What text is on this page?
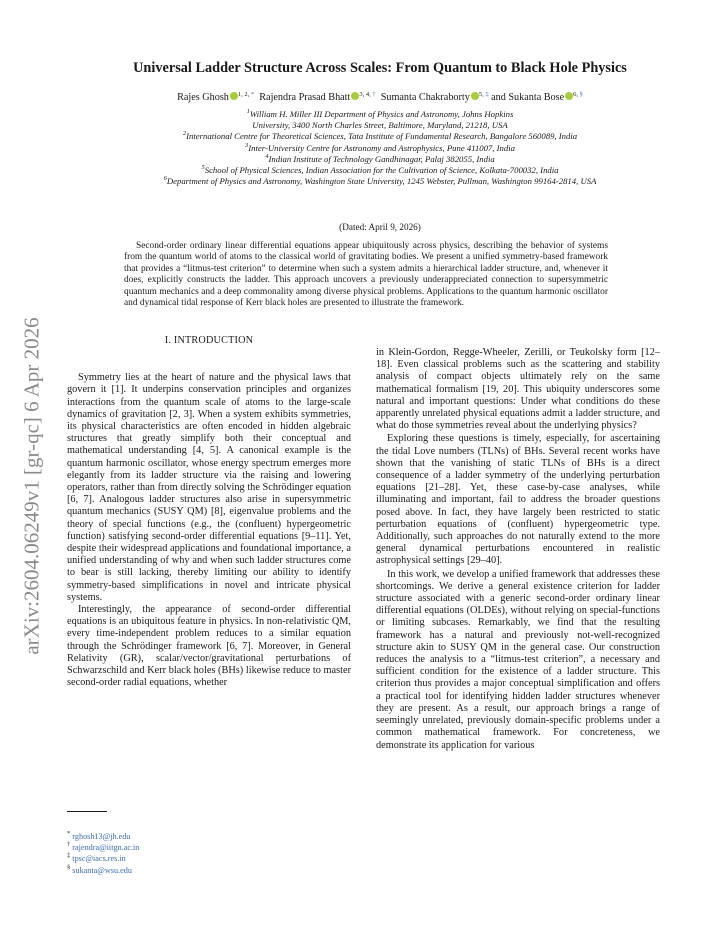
arXiv:2604.06249v1 [gr-qc] 6 Apr 2026
Universal Ladder Structure Across Scales: From Quantum to Black Hole Physics
Rajes Ghosh $^{1, 2, *}$ Rajendra Prasad Bhatt $^{3, 4, \dagger}$ Sumanta Chakraborty $^{5, \ddagger}$ and Sukanta Bose $^{6, \S}$
$^1$William H. Miller III Department of Physics and Astronomy, Johns Hopkins
University, 3400 North Charles Street, Baltimore, Maryland, 21218, USA
$^2$International Centre for Theoretical Sciences, Tata Institute of Fundamental Research, Bangalore 560089, India
$^3$Inter-University Centre for Astronomy and Astrophysics, Pune 411007, India
$^4$Indian Institute of Technology Gandhinagar, Palaj 382055, India
$^5$School of Physical Sciences, Indian Association for the Cultivation of Science, Kolkata-700032, India
$^6$Department of Physics and Astronomy, Washington State University, 1245 Webster, Pullman, Washington 99164-2814, USA
(Dated: April 9, 2026)

Second-order ordinary linear differential equations appear ubiquitously across physics, describing the behavior of systems from the quantum world of atoms to the classical world of gravitating bodies. We present a unified symmetry-based framework that provides a “litmus-test criterion” to determine when such a system admits a hierarchical ladder structure, and, whenever it does, explicitly constructs the ladder. This approach uncovers a previously underappreciated connection to supersymmetric quantum mechanics and a deep commonality among diverse physical problems. Applications to the quantum harmonic oscillator and dynamical tidal response of Kerr black holes are presented to illustrate the framework.

I. INTRODUCTION

Symmetry lies at the heart of nature and the physical laws that govern it [1]. It underpins conservation principles and organizes interactions from the quantum scale of atoms to the large-scale dynamics of gravitation [2, 3]. When a system exhibits symmetries, its physical characteristics are often encoded in hidden algebraic structures that greatly simplify both their conceptual and mathematical understanding [4, 5]. A canonical example is the quantum harmonic oscillator, whose energy spectrum emerges more elegantly from its ladder structure via the raising and lowering operators, rather than from directly solving the Schrödinger equation [6, 7]. Analogous ladder structures also arise in supersymmetric quantum mechanics (SUSY QM) [8], eigenvalue problems and the theory of special functions (e.g., the (confluent) hypergeometric function) satisfying second-order differential equations [9–11]. Yet, despite their widespread applications and foundational importance, a unified understanding of why and when such ladder structures come to bear is still lacking, thereby limiting our ability to identify symmetry-based simplifications in novel and intricate physical systems.

Interestingly, the appearance of second-order differential equations is an ubiquitous feature in physics. In non-relativistic QM, every time-independent problem reduces to a similar equation through the Schrödinger framework [6, 7]. Moreover, in General Relativity (GR), scalar/vector/gravitational perturbations of Schwarzschild and Kerr black holes (BHs) likewise reduce to master second-order radial equations, whether

in Klein-Gordon, Regge-Wheeler, Zerilli, or Teukolsky form [12–18]. Even classical problems such as the scattering and stability analysis of compact objects ultimately rely on the same mathematical formalism [19, 20]. This ubiquity underscores some natural and important questions: Under what conditions do these apparently unrelated physical equations admit a ladder structure, and what do those symmetries reveal about the underlying physics?

Exploring these questions is timely, especially, for ascertaining the tidal Love numbers (TLNs) of BHs. Several recent works have shown that the vanishing of static TLNs of BHs is a direct consequence of a ladder symmetry of the underlying perturbation equations [21–28]. Yet, these case-by-case analyses, while illuminating and important, fail to address the broader questions posed above. In fact, they have largely been restricted to static perturbation equations of (confluent) hypergeometric type. Additionally, such approaches do not naturally extend to the more general dynamical perturbations encountered in realistic astrophysical settings [29–40].

In this work, we develop a unified framework that addresses these shortcomings. We derive a general existence criterion for ladder structure associated with a generic second-order ordinary linear differential equations (OLDEs), without relying on special-functions or limiting subcases. Remarkably, we find that the resulting framework has a natural and previously not-well-recognized structure akin to SUSY QM in the general case. Our construction reduces the analysis to a “litmus-test criterion”, a necessary and sufficient condition for the existence of a ladder structure. This criterion thus provides a major conceptual simplification and offers a practical tool for identifying hidden ladder structures whenever they are present. As a result, our approach brings a range of seemingly unrelated, previously domain-specific problems under a common mathematical framework. For concreteness, we demonstrate its application for various

* rghosh13@jh.edu
† rajendra@iitgn.ac.in
‡ tpsc@iacs.res.in
§ sukanta@wsu.edu
